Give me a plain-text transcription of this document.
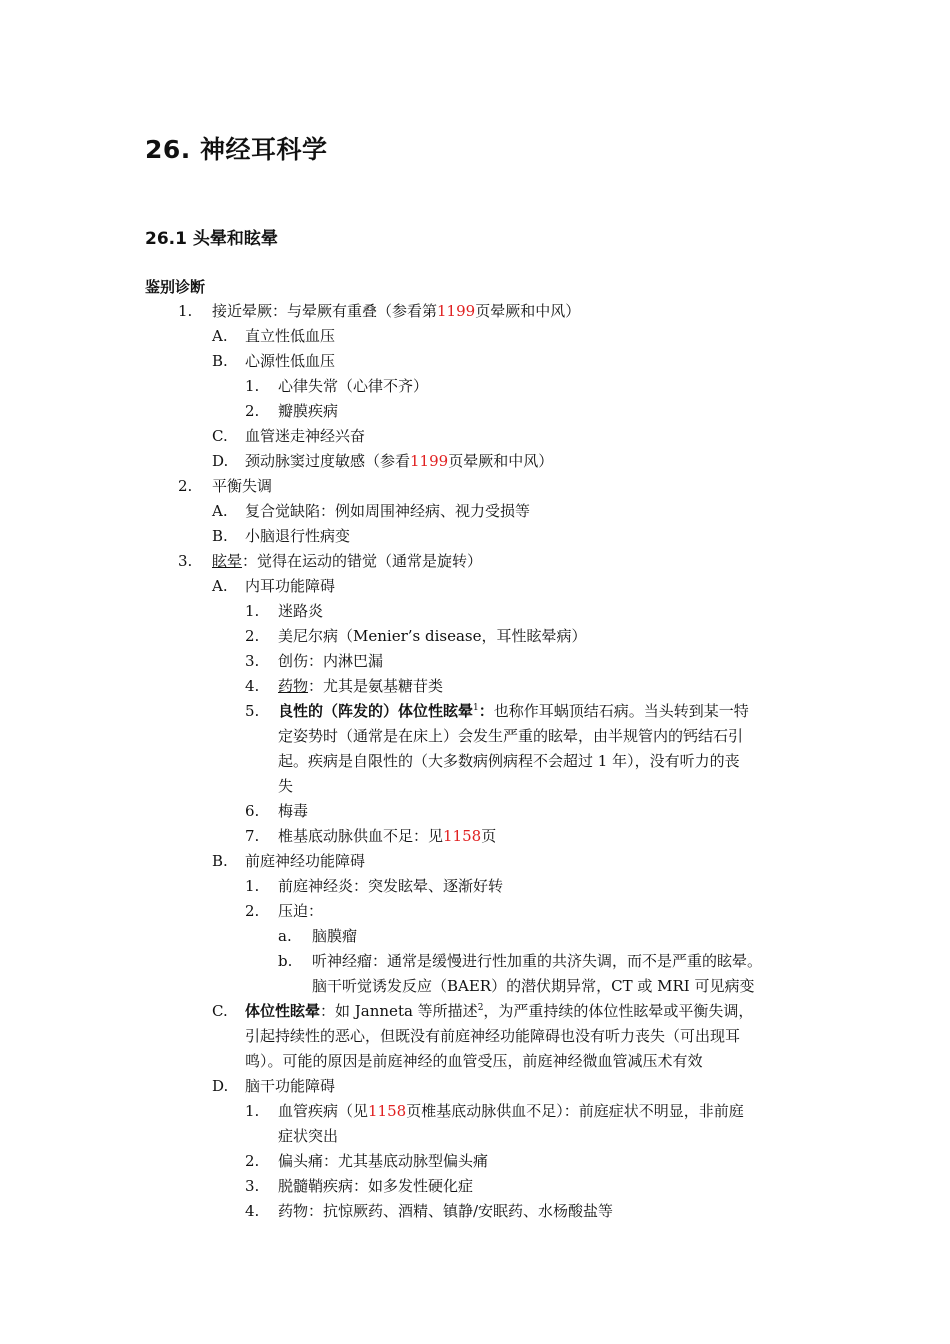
26. 神经耳科学
26.1 头晕和眩晕
鉴别诊断
1. 接近晕厥：与晕厥有重叠（参看第1199页晕厥和中风）
A. 直立性低血压
B. 心源性低血压
1. 心律失常（心律不齐）
2. 瓣膜疾病
C. 血管迷走神经兴奋
D. 颈动脉窦过度敏感（参看1199页晕厥和中风）
2. 平衡失调
A. 复合觉缺陷：例如周围神经病、视力受损等
B. 小脑退行性病变
3. 眩晕：觉得在运动的错觉（通常是旋转）
A. 内耳功能障碍
1. 迷路炎
2. 美尼尔病（Menier’s disease，耳性眩晕病）
3. 创伤：内淋巴漏
4. 药物：尤其是氨基糖苷类
5. 良性的（阵发的）体位性眩晕$^1$：也称作耳蜗顶结石病。当头转到某一特
定姿势时（通常是在床上）会发生严重的眩晕，由半规管内的钙结石引
起。疾病是自限性的（大多数病例病程不会超过 1 年），没有听力的丧
失
6. 梅毒
7. 椎基底动脉供血不足：见1158页
B. 前庭神经功能障碍
1. 前庭神经炎：突发眩晕、逐渐好转
2. 压迫：
a. 脑膜瘤
b. 听神经瘤：通常是缓慢进行性加重的共济失调，而不是严重的眩晕。
脑干听觉诱发反应（BAER）的潜伏期异常，CT 或 MRI 可见病变
C. 体位性眩晕：如 Janneta 等所描述$^2$，为严重持续的体位性眩晕或平衡失调，
引起持续性的恶心，但既没有前庭神经功能障碍也没有听力丧失（可出现耳
鸣）。可能的原因是前庭神经的血管受压，前庭神经微血管减压术有效
D. 脑干功能障碍
1. 血管疾病（见1158页椎基底动脉供血不足）：前庭症状不明显，非前庭
症状突出
2. 偏头痛：尤其基底动脉型偏头痛
3. 脱髓鞘疾病：如多发性硬化症
4. 药物：抗惊厥药、酒精、镇静/安眠药、水杨酸盐等
